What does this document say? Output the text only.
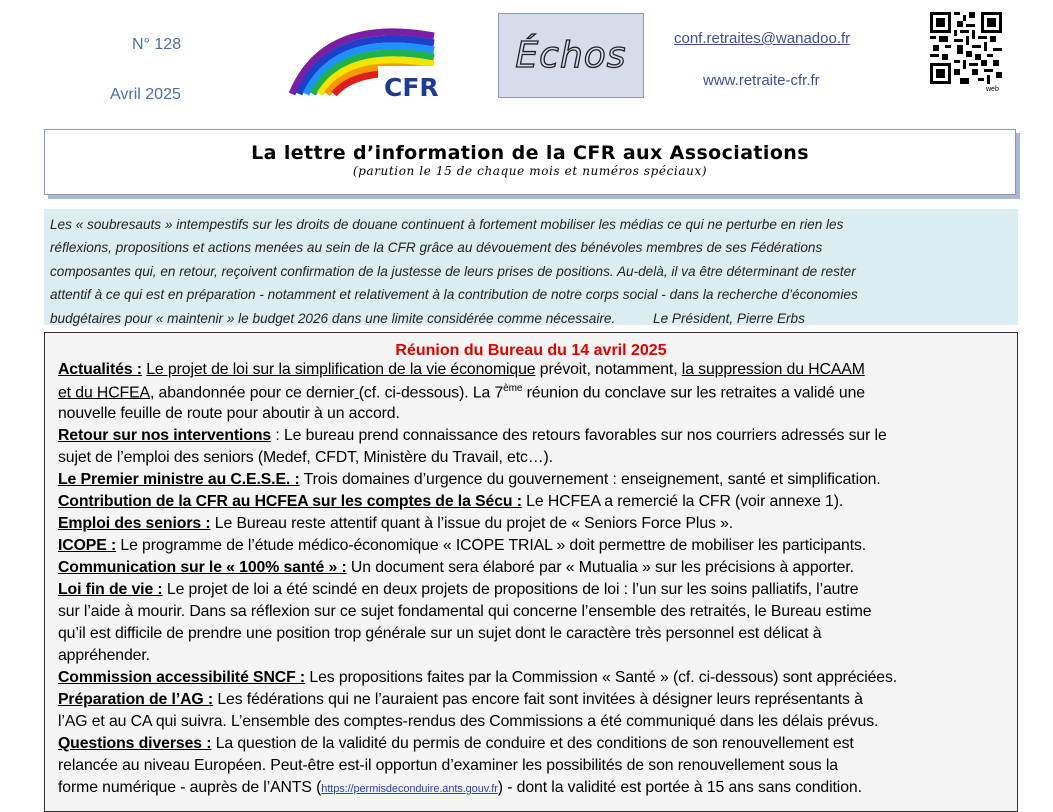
N° 128
Avril 2025	CFR
Échos	conf.retraites@wanadoo.fr
www.retraite-cfr.fr
web
La lettre d’information de la CFR aux Associations
(parution le 15 de chaque mois et numéros spéciaux)
Les « soubresauts » intempestifs sur les droits de douane continuent à fortement mobiliser les médias ce qui ne perturbe en rien les
réflexions, propositions et actions menées au sein de la CFR grâce au dévouement des bénévoles membres de ses Fédérations
composantes qui, en retour, reçoivent confirmation de la justesse de leurs prises de positions. Au-delà, il va être déterminant de rester
attentif à ce qui est en préparation - notamment et relativement à la contribution de notre corps social - dans la recherche d’économies
budgétaires pour « maintenir » le budget 2026 dans une limite considérée comme nécessaire.	Le Président, Pierre Erbs
Réunion du Bureau du 14 avril 2025
Actualités : Le projet de loi sur la simplification de la vie économique prévoit, notamment, la suppression du HCAAM
et du HCFEA, abandonnée pour ce dernier (cf. ci-dessous). La 7ème réunion du conclave sur les retraites a validé une
nouvelle feuille de route pour aboutir à un accord.
Retour sur nos interventions : Le bureau prend connaissance des retours favorables sur nos courriers adressés sur le
sujet de l’emploi des seniors (Medef, CFDT, Ministère du Travail, etc…).
Le Premier ministre au C.E.S.E. : Trois domaines d’urgence du gouvernement : enseignement, santé et simplification.
Contribution de la CFR au HCFEA sur les comptes de la Sécu : Le HCFEA a remercié la CFR (voir annexe 1).
Emploi des seniors : Le Bureau reste attentif quant à l’issue du projet de « Seniors Force Plus ».
ICOPE : Le programme de l’étude médico-économique « ICOPE TRIAL » doit permettre de mobiliser les participants.
Communication sur le « 100% santé » : Un document sera élaboré par « Mutualia » sur les précisions à apporter.
Loi fin de vie : Le projet de loi a été scindé en deux projets de propositions de loi : l’un sur les soins palliatifs, l’autre
sur l’aide à mourir. Dans sa réflexion sur ce sujet fondamental qui concerne l’ensemble des retraités, le Bureau estime
qu’il est difficile de prendre une position trop générale sur un sujet dont le caractère très personnel est délicat à
appréhender.
Commission accessibilité SNCF : Les propositions faites par la Commission « Santé » (cf. ci-dessous) sont appréciées.
Préparation de l’AG : Les fédérations qui ne l’auraient pas encore fait sont invitées à désigner leurs représentants à
l’AG et au CA qui suivra. L’ensemble des comptes-rendus des Commissions a été communiqué dans les délais prévus.
Questions diverses : La question de la validité du permis de conduire et des conditions de son renouvellement est
relancée au niveau Européen. Peut-être est-il opportun d’examiner les possibilités de son renouvellement sous la
forme numérique - auprès de l’ANTS (https://permisdeconduire.ants.gouv.fr) - dont la validité est portée à 15 ans sans condition.
